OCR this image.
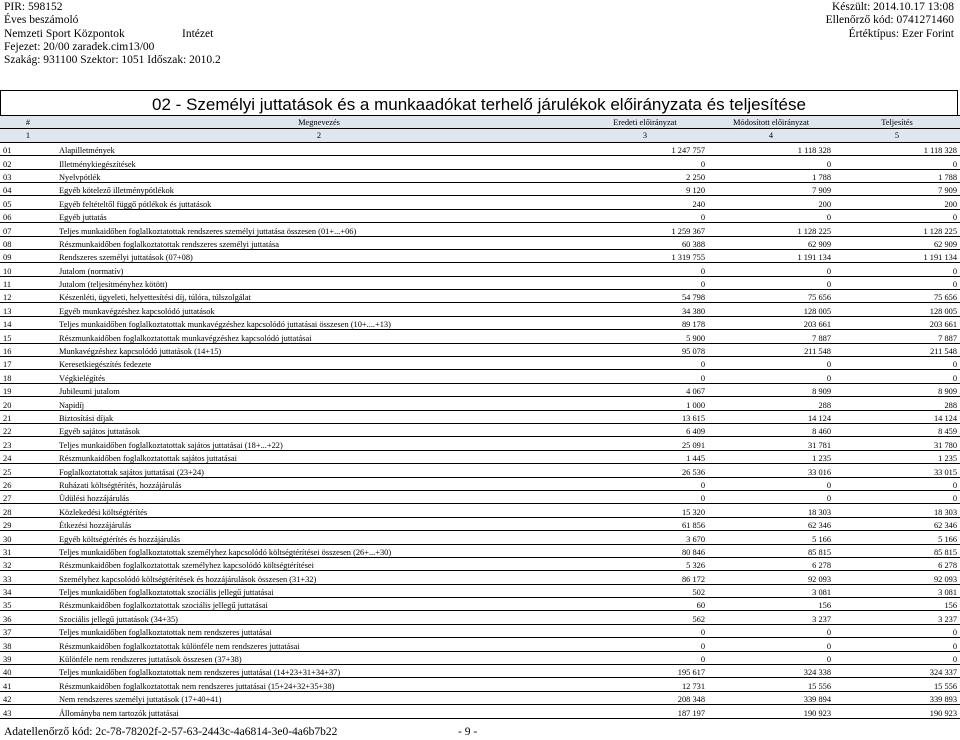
PIR: 598152
Éves beszámoló
Nemzeti Sport Központok
Fejezet: 20/00 zaradek.cim13/00
Szakág: 931100 Szektor: 1051 Időszak: 2010.2
Intézet
Készült: 2014.10.17 13:08
Ellenőrző kód: 0741271460
Értéktípus: Ezer Forint
02 - Személyi juttatások és a munkaadókat terhelő járulékok előirányzata és teljesítése
#	Megnevezés	Eredeti előirányzat	Módosított előirányzat	Teljesítés
1	2	3	4	5
01	Alapilletmények	1 247 757	1 118 328	1 118 328
02	Illetménykiegészítések	0	0	0
03	Nyelvpótlék	2 250	1 788	1 788
04	Egyéb kötelező illetménypótlékok	9 120	7 909	7 909
05	Egyéb feltételtől függő pótlékok és juttatások	240	200	200
06	Egyéb juttatás	0	0	0
07	Teljes munkaidőben foglalkoztatottak rendszeres személyi juttatása összesen (01+...+06)	1 259 367	1 128 225	1 128 225
08	Részmunkaidőben foglalkoztatottak rendszeres személyi juttatása	60 388	62 909	62 909
09	Rendszeres személyi juttatások (07+08)	1 319 755	1 191 134	1 191 134
10	Jutalom (normatív)	0	0	0
11	Jutalom (teljesítményhez kötött)	0	0	0
12	Készenléti, ügyeleti, helyettesítési díj, túlóra, túlszolgálat	54 798	75 656	75 656
13	Egyéb munkavégzéshez kapcsolódó juttatások	34 380	128 005	128 005
14	Teljes munkaidőben foglalkoztatottak munkavégzéshez kapcsolódó juttatásai összesen (10+....+13)	89 178	203 661	203 661
15	Részmunkaidőben foglalkoztatottak munkavégzéshez kapcsolódó juttatásai	5 900	7 887	7 887
16	Munkavégzéshez kapcsolódó juttatások (14+15)	95 078	211 548	211 548
17	Keresetkiegészítés fedezete	0	0	0
18	Végkielégítés	0	0	0
19	Jubileumi jutalom	4 067	8 909	8 909
20	Napidíj	1 000	288	288
21	Biztosítási díjak	13 615	14 124	14 124
22	Egyéb sajátos juttatások	6 409	8 460	8 459
23	Teljes munkaidőben foglalkoztatottak sajátos juttatásai (18+...+22)	25 091	31 781	31 780
24	Részmunkaidőben foglalkoztatottak sajátos juttatásai	1 445	1 235	1 235
25	Foglalkoztatottak sajátos juttatásai (23+24)	26 536	33 016	33 015
26	Ruházati költségtérítés, hozzájárulás	0	0	0
27	Üdülési hozzájárulás	0	0	0
28	Közlekedési költségtérítés	15 320	18 303	18 303
29	Étkezési hozzájárulás	61 856	62 346	62 346
30	Egyéb költségtérítés és hozzájárulás	3 670	5 166	5 166
31	Teljes munkaidőben foglalkoztatottak személyhez kapcsolódó költségtérítései összesen (26+...+30)	80 846	85 815	85 815
32	Részmunkaidőben foglalkoztatottak személyhez kapcsolódó költségtérítései	5 326	6 278	6 278
33	Személyhez kapcsolódó költségtérítések és hozzájárulások összesen (31+32)	86 172	92 093	92 093
34	Teljes munkaidőben foglalkoztatottak szociális jellegű juttatásai	502	3 081	3 081
35	Részmunkaidőben foglalkoztatottak szociális jellegű juttatásai	60	156	156
36	Szociális jellegű juttatások (34+35)	562	3 237	3 237
37	Teljes munkaidőben foglalkoztatottak nem rendszeres juttatásai	0	0	0
38	Részmunkaidőben foglalkoztatottak különféle nem rendszeres juttatásai	0	0	0
39	Különféle nem rendszeres juttatások összesen (37+38)	0	0	0
40	Teljes munkaidőben foglalkoztatottak nem rendszeres juttatásai (14+23+31+34+37)	195 617	324 338	324 337
41	Részmunkaidőben foglalkoztatottak nem rendszeres juttatásai (15+24+32+35+38)	12 731	15 556	15 556
42	Nem rendszeres személyi juttatások (17+40+41)	208 348	339 894	339 893
43	Állományba nem tartozók juttatásai	187 197	190 923	190 923
Adatellenőrző kód: 2c-78-78202f-2-57-63-2443c-4a6814-3e0-4a6b7b22	- 9 -
